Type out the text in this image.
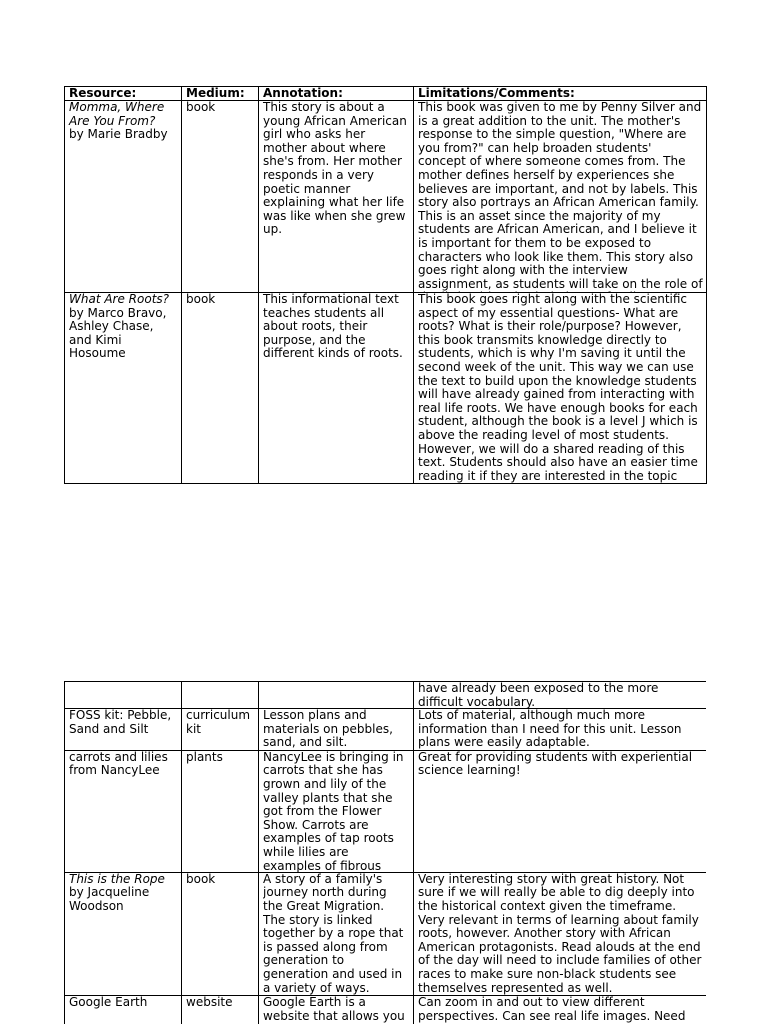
Resource:	Medium:	Annotation:	Limitations/Comments:

Momma, Where Are You From?
by Marie Bradby	book	This story is about a young African American girl who asks her mother about where she's from. Her mother responds in a very poetic manner explaining what her life was like when she grew up.	This book was given to me by Penny Silver and is a great addition to the unit. The mother's response to the simple question, "Where are you from?" can help broaden students' concept of where someone comes from. The mother defines herself by experiences she believes are important, and not by labels. This story also portrays an African American family. This is an asset since the majority of my students are African American, and I believe it is important for them to be exposed to characters who look like them. This story also goes right along with the interview assignment, as students will take on the role of

What Are Roots?
by Marco Bravo, Ashley Chase, and Kimi Hosoume	book	This informational text teaches students all about roots, their purpose, and the different kinds of roots.	This book goes right along with the scientific aspect of my essential questions- What are roots? What is their role/purpose? However, this book transmits knowledge directly to students, which is why I'm saving it until the second week of the unit. This way we can use the text to build upon the knowledge students will have already gained from interacting with real life roots. We have enough books for each student, although the book is a level J which is above the reading level of most students. However, we will do a shared reading of this text. Students should also have an easier time reading it if they are interested in the topic

			have already been exposed to the more difficult vocabulary.

FOSS kit: Pebble, Sand and Silt	curriculum kit	Lesson plans and materials on pebbles, sand, and silt.	Lots of material, although much more information than I need for this unit. Lesson plans were easily adaptable.
carrots and lilies from NancyLee	plants	NancyLee is bringing in carrots that she has grown and lily of the valley plants that she got from the Flower Show. Carrots are examples of tap roots while lilies are examples of fibrous	Great for providing students with experiential science learning!

This is the Rope
by Jacqueline Woodson	book	A story of a family's journey north during the Great Migration. The story is linked together by a rope that is passed along from generation to generation and used in a variety of ways.	Very interesting story with great history. Not sure if we will really be able to dig deeply into the historical context given the timeframe. Very relevant in terms of learning about family roots, however. Another story with African American protagonists. Read alouds at the end of the day will need to include families of other races to make sure non-black students see themselves represented as well.
Google Earth	website	Google Earth is a website that allows you	Can zoom in and out to view different perspectives. Can see real life images. Need
